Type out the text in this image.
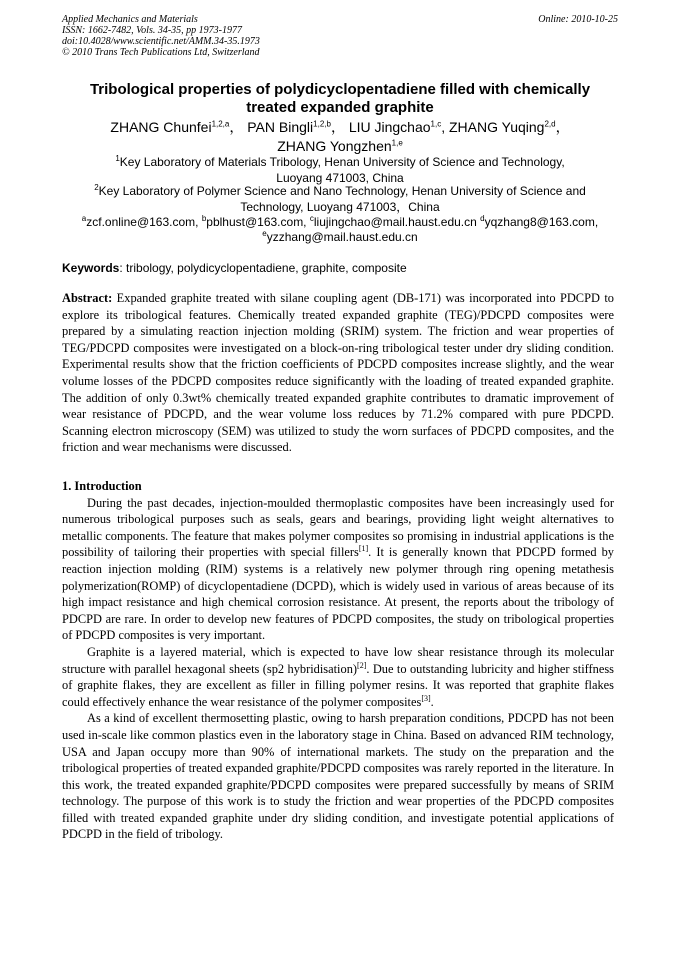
Applied Mechanics and Materials
ISSN: 1662-7482, Vols. 34-35, pp 1973-1977
doi:10.4028/www.scientific.net/AMM.34-35.1973
© 2010 Trans Tech Publications Ltd, Switzerland
Online: 2010-10-25
Tribological properties of polydicyclopentadiene filled with chemically
treated expanded graphite
ZHANG Chunfei$^{1,2,a}$， PAN Bingli$^{1,2,b}$， LIU Jingchao$^{1,c}$, ZHANG Yuqing$^{2,d}$，
ZHANG Yongzhen$^{1,e}$
$^1$Key Laboratory of Materials Tribology, Henan University of Science and Technology,
Luoyang 471003, China
$^2$Key Laboratory of Polymer Science and Nano Technology, Henan University of Science and
Technology, Luoyang 471003，China
$^a$zcf.online@163.com, $^b$pblhust@163.com, $^c$liujingchao@mail.haust.edu.cn $^d$yqzhang8@163.com,
$^e$yzzhang@mail.haust.edu.cn
Keywords: tribology, polydicyclopentadiene, graphite, composite
Abstract: Expanded graphite treated with silane coupling agent (DB-171) was incorporated into PDCPD to explore its tribological features. Chemically treated expanded graphite (TEG)/PDCPD composites were prepared by a simulating reaction injection molding (SRIM) system. The friction and wear properties of TEG/PDCPD composites were investigated on a block-on-ring tribological tester under dry sliding condition. Experimental results show that the friction coefficients of PDCPD composites increase slightly, and the wear volume losses of the PDCPD composites reduce significantly with the loading of treated expanded graphite. The addition of only 0.3wt% chemically treated expanded graphite contributes to dramatic improvement of wear resistance of PDCPD, and the wear volume loss reduces by 71.2% compared with pure PDCPD. Scanning electron microscopy (SEM) was utilized to study the worn surfaces of PDCPD composites, and the friction and wear mechanisms were discussed.
1. Introduction

During the past decades, injection-moulded thermoplastic composites have been increasingly used for numerous tribological purposes such as seals, gears and bearings, providing light weight alternatives to metallic components. The feature that makes polymer composites so promising in industrial applications is the possibility of tailoring their properties with special fillers[1]. It is generally known that PDCPD formed by reaction injection molding (RIM) systems is a relatively new polymer through ring opening metathesis polymerization(ROMP) of dicyclopentadiene (DCPD), which is widely used in various of areas because of its high impact resistance and high chemical corrosion resistance. At present, the reports about the tribology of PDCPD are rare. In order to develop new features of PDCPD composites, the study on tribological properties of PDCPD composites is very important.

Graphite is a layered material, which is expected to have low shear resistance through its molecular structure with parallel hexagonal sheets (sp2 hybridisation)[2]. Due to outstanding lubricity and higher stiffness of graphite flakes, they are excellent as filler in filling polymer resins. It was reported that graphite flakes could effectively enhance the wear resistance of the polymer composites[3].

As a kind of excellent thermosetting plastic, owing to harsh preparation conditions, PDCPD has not been used in-scale like common plastics even in the laboratory stage in China. Based on advanced RIM technology, USA and Japan occupy more than 90% of international markets. The study on the preparation and the tribological properties of treated expanded graphite/PDCPD composites was rarely reported in the literature. In this work, the treated expanded graphite/PDCPD composites were prepared successfully by means of SRIM technology. The purpose of this work is to study the friction and wear properties of the PDCPD composites filled with treated expanded graphite under dry sliding condition, and investigate potential applications of PDCPD in the field of tribology.
